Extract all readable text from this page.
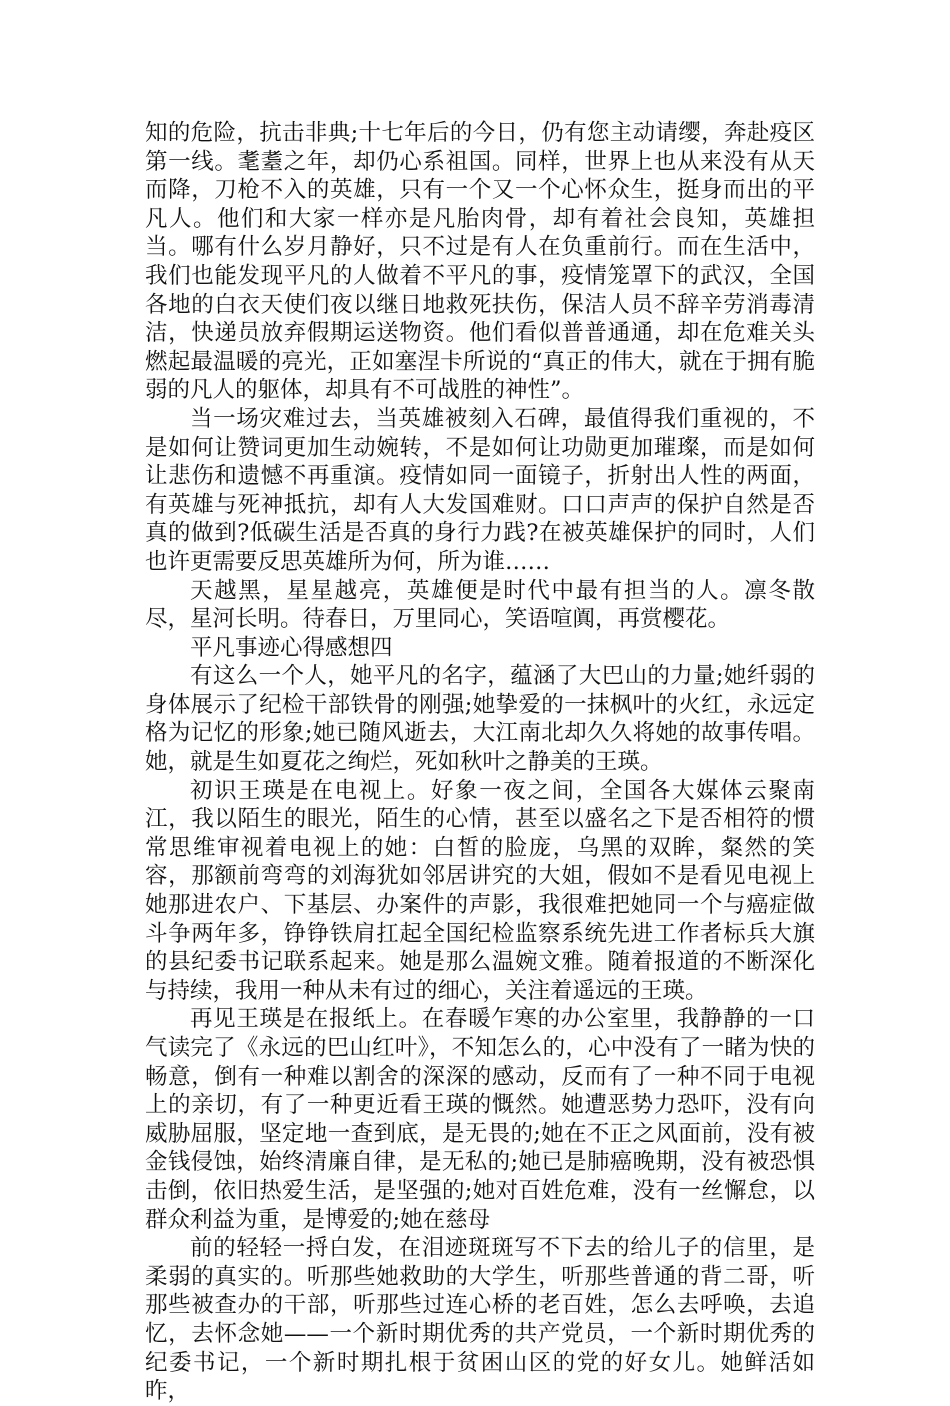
知的危险，抗击非典;十七年后的今日，仍有您主动请缨，奔赴疫区第一线。耄耋之年，却仍心系祖国。同样，世界上也从来没有从天而降，刀枪不入的英雄，只有一个又一个心怀众生，挺身而出的平凡人。他们和大家一样亦是凡胎肉骨，却有着社会良知，英雄担当。哪有什么岁月静好，只不过是有人在负重前行。而在生活中，我们也能发现平凡的人做着不平凡的事，疫情笼罩下的武汉，全国各地的白衣天使们夜以继日地救死扶伤，保洁人员不辞辛劳消毒清洁，快递员放弃假期运送物资。他们看似普普通通，却在危难关头燃起最温暖的亮光，正如塞涅卡所说的“真正的伟大，就在于拥有脆弱的凡人的躯体，却具有不可战胜的神性”。

当一场灾难过去，当英雄被刻入石碑，最值得我们重视的，不是如何让赞词更加生动婉转，不是如何让功勋更加璀璨，而是如何让悲伤和遗憾不再重演。疫情如同一面镜子，折射出人性的两面，有英雄与死神抵抗，却有人大发国难财。口口声声的保护自然是否真的做到?低碳生活是否真的身行力践?在被英雄保护的同时，人们也许更需要反思英雄所为何，所为谁……

天越黑，星星越亮，英雄便是时代中最有担当的人。凛冬散尽，星河长明。待春日，万里同心，笑语喧阗，再赏樱花。

平凡事迹心得感想四

有这么一个人，她平凡的名字，蕴涵了大巴山的力量;她纤弱的身体展示了纪检干部铁骨的刚强;她挚爱的一抹枫叶的火红，永远定格为记忆的形象;她已随风逝去，大江南北却久久将她的故事传唱。她，就是生如夏花之绚烂，死如秋叶之静美的王瑛。

初识王瑛是在电视上。好象一夜之间，全国各大媒体云聚南江，我以陌生的眼光，陌生的心情，甚至以盛名之下是否相符的惯常思维审视着电视上的她：白皙的脸庞，乌黑的双眸，粲然的笑容，那额前弯弯的刘海犹如邻居讲究的大姐，假如不是看见电视上她那进农户、下基层、办案件的声影，我很难把她同一个与癌症做斗争两年多，铮铮铁肩扛起全国纪检监察系统先进工作者标兵大旗的县纪委书记联系起来。她是那么温婉文雅。随着报道的不断深化与持续，我用一种从未有过的细心，关注着遥远的王瑛。

再见王瑛是在报纸上。在春暖乍寒的办公室里，我静静的一口气读完了《永远的巴山红叶》，不知怎么的，心中没有了一睹为快的畅意，倒有一种难以割舍的深深的感动，反而有了一种不同于电视上的亲切，有了一种更近看王瑛的慨然。她遭恶势力恐吓，没有向威胁屈服，坚定地一查到底，是无畏的;她在不正之风面前，没有被金钱侵蚀，始终清廉自律，是无私的;她已是肺癌晚期，没有被恐惧击倒，依旧热爱生活，是坚强的;她对百姓危难，没有一丝懈怠，以群众利益为重，是博爱的;她在慈母

前的轻轻一捋白发，在泪迹斑斑写不下去的给儿子的信里，是柔弱的真实的。听那些她救助的大学生，听那些普通的背二哥，听那些被查办的干部，听那些过连心桥的老百姓，怎么去呼唤，去追忆，去怀念她——一个新时期优秀的共产党员，一个新时期优秀的纪委书记，一个新时期扎根于贫困山区的党的好女儿。她鲜活如昨，
